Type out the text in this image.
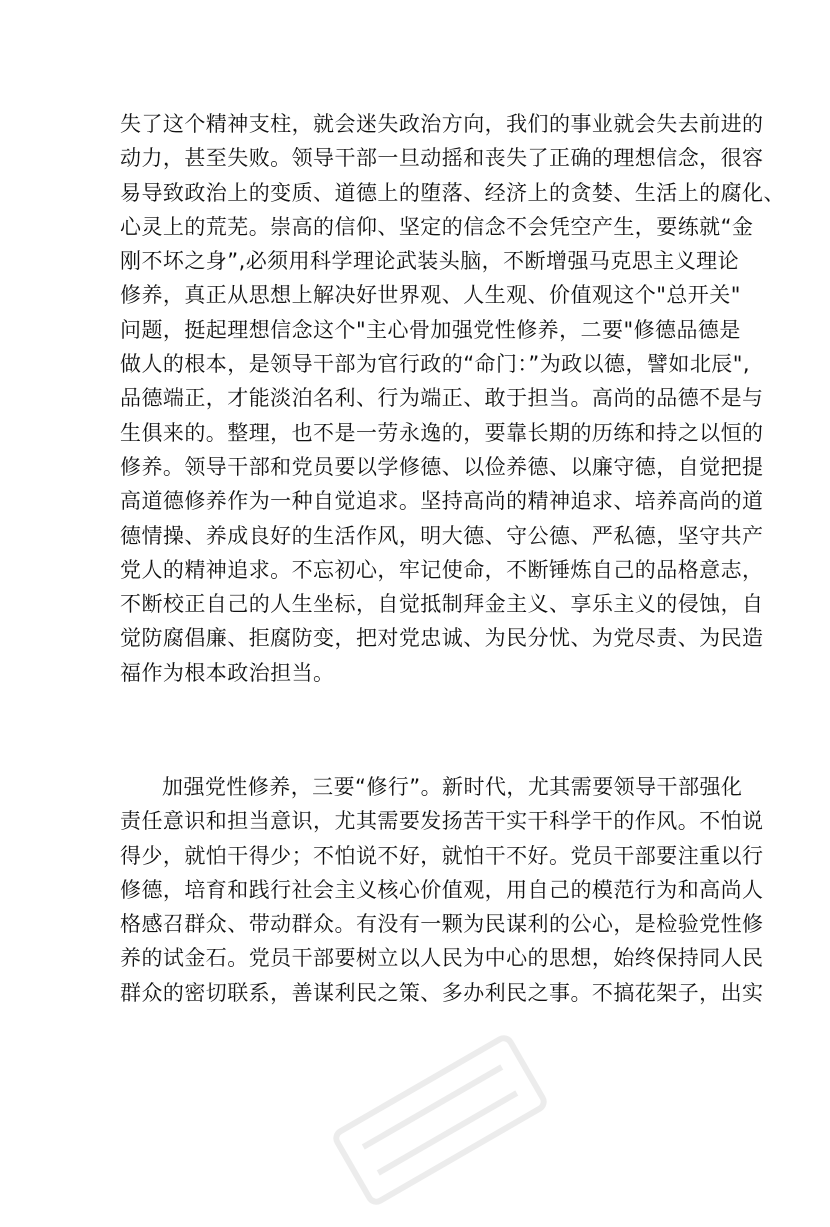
失了这个精神支柱，就会迷失政治方向，我们的事业就会失去前进的
动力，甚至失败。领导干部一旦动摇和丧失了正确的理想信念，很容
易导致政治上的变质、道德上的堕落、经济上的贪婪、生活上的腐化、
心灵上的荒芜。崇高的信仰、坚定的信念不会凭空产生，要练就“金
刚不坏之身”,必须用科学理论武装头脑，不断增强马克思主义理论
修养，真正从思想上解决好世界观、人生观、价值观这个"总开关"
问题，挺起理想信念这个"主心骨加强党性修养，二要"修德品德是
做人的根本，是领导干部为官行政的“命门：”为政以德，譬如北辰",
品德端正，才能淡泊名利、行为端正、敢于担当。高尚的品德不是与
生俱来的。整理，也不是一劳永逸的，要靠长期的历练和持之以恒的
修养。领导干部和党员要以学修德、以俭养德、以廉守德，自觉把提
高道德修养作为一种自觉追求。坚持高尚的精神追求、培养高尚的道
德情操、养成良好的生活作风，明大德、守公德、严私德，坚守共产
党人的精神追求。不忘初心，牢记使命，不断锤炼自己的品格意志，
不断校正自己的人生坐标，自觉抵制拜金主义、享乐主义的侵蚀，自
觉防腐倡廉、拒腐防变，把对党忠诚、为民分忧、为党尽责、为民造
福作为根本政治担当。
加强党性修养，三要“修行”。新时代，尤其需要领导干部强化
责任意识和担当意识，尤其需要发扬苦干实干科学干的作风。不怕说
得少，就怕干得少；不怕说不好，就怕干不好。党员干部要注重以行
修德，培育和践行社会主义核心价值观，用自己的模范行为和高尚人
格感召群众、带动群众。有没有一颗为民谋利的公心，是检验党性修
养的试金石。党员干部要树立以人民为中心的思想，始终保持同人民
群众的密切联系，善谋利民之策、多办利民之事。不搞花架子，出实
